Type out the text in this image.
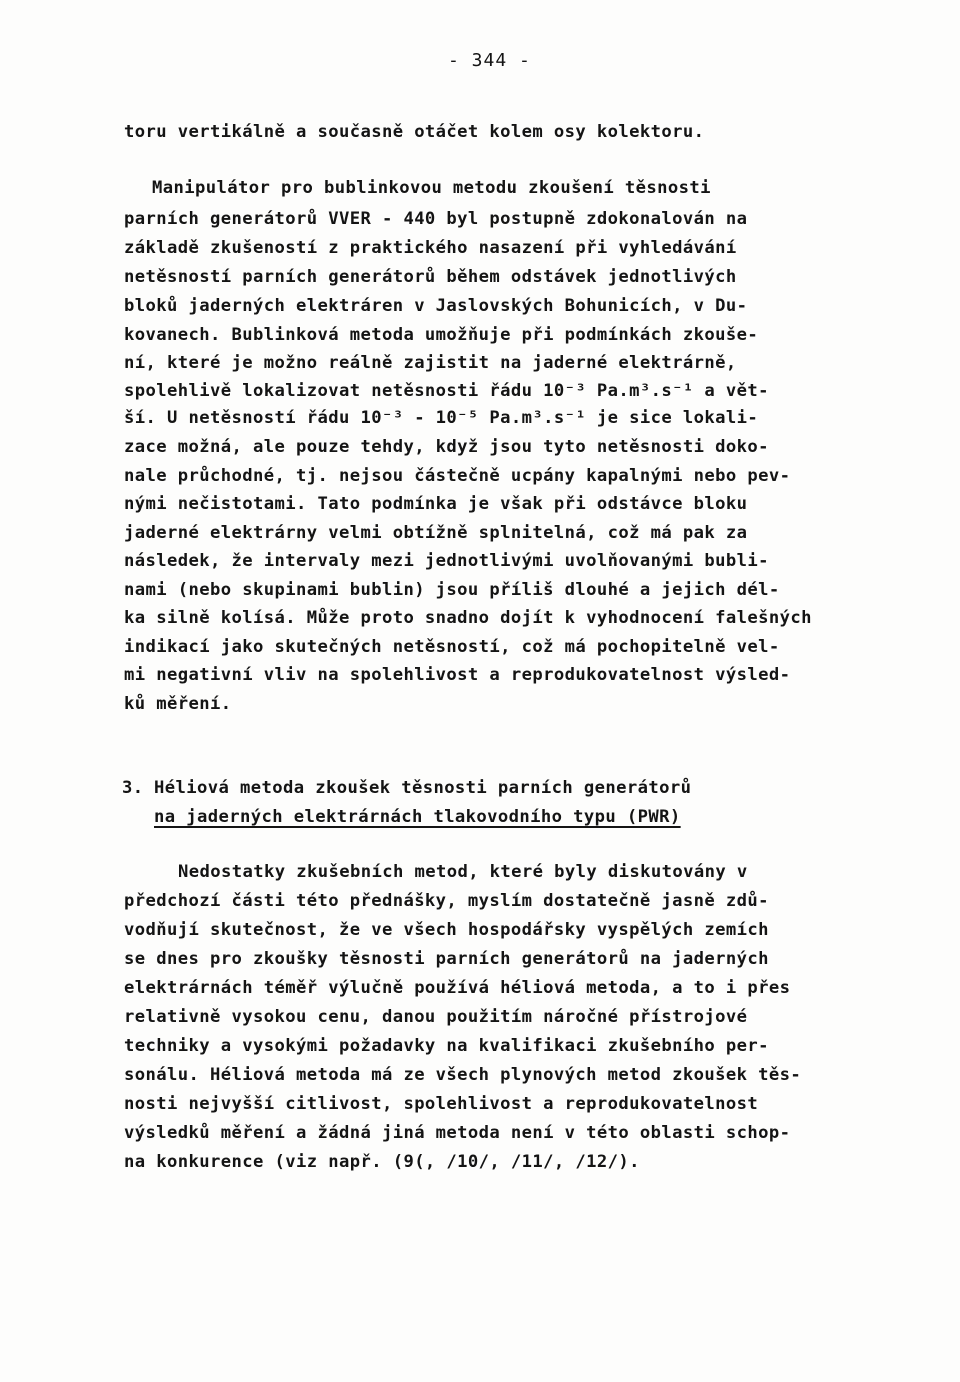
- 344 -
toru vertikálně a současně otáčet kolem osy kolektoru.
Manipulátor pro bublinkovou metodu zkoušení těsnosti
parních generátorů VVER - 440 byl postupně zdokonalován na
základě zkušeností z praktického nasazení při vyhledávání
netěsností parních generátorů během odstávek jednotlivých
bloků jaderných elektráren v Jaslovských Bohunicích, v Du-
kovanech. Bublinková metoda umožňuje při podmínkách zkouše-
ní, které je možno reálně zajistit na jaderné elektrárně,
spolehlivě lokalizovat netěsnosti řádu 10⁻³ Pa.m³.s⁻¹ a vět-
ší. U netěsností řádu 10⁻³ - 10⁻⁵ Pa.m³.s⁻¹ je sice lokali-
zace možná, ale pouze tehdy, když jsou tyto netěsnosti doko-
nale průchodné, tj. nejsou částečně ucpány kapalnými nebo pev-
nými nečistotami. Tato podmínka je však při odstávce bloku
jaderné elektrárny velmi obtížně splnitelná, což má pak za
následek, že intervaly mezi jednotlivými uvolňovanými bubli-
nami (nebo skupinami bublin) jsou příliš dlouhé a jejich dél-
ka silně kolísá. Může proto snadno dojít k vyhodnocení falešných
indikací jako skutečných netěsností, což má pochopitelně vel-
mi negativní vliv na spolehlivost a reprodukovatelnost výsled-
ků měření.
3. Héliová metoda zkoušek těsnosti parních generátorů
na jaderných elektrárnách tlakovodního typu (PWR)
Nedostatky zkušebních metod, které byly diskutovány v
předchozí části této přednášky, myslím dostatečně jasně zdů-
vodňují skutečnost, že ve všech hospodářsky vyspělých zemích
se dnes pro zkoušky těsnosti parních generátorů na jaderných
elektrárnách téměř výlučně používá héliová metoda, a to i přes
relativně vysokou cenu, danou použitím náročné přístrojové
techniky a vysokými požadavky na kvalifikaci zkušebního per-
sonálu. Héliová metoda má ze všech plynových metod zkoušek těs-
nosti nejvyšší citlivost, spolehlivost a reprodukovatelnost
výsledků měření a žádná jiná metoda není v této oblasti schop-
na konkurence (viz např. (9(, /10/, /11/, /12/).
